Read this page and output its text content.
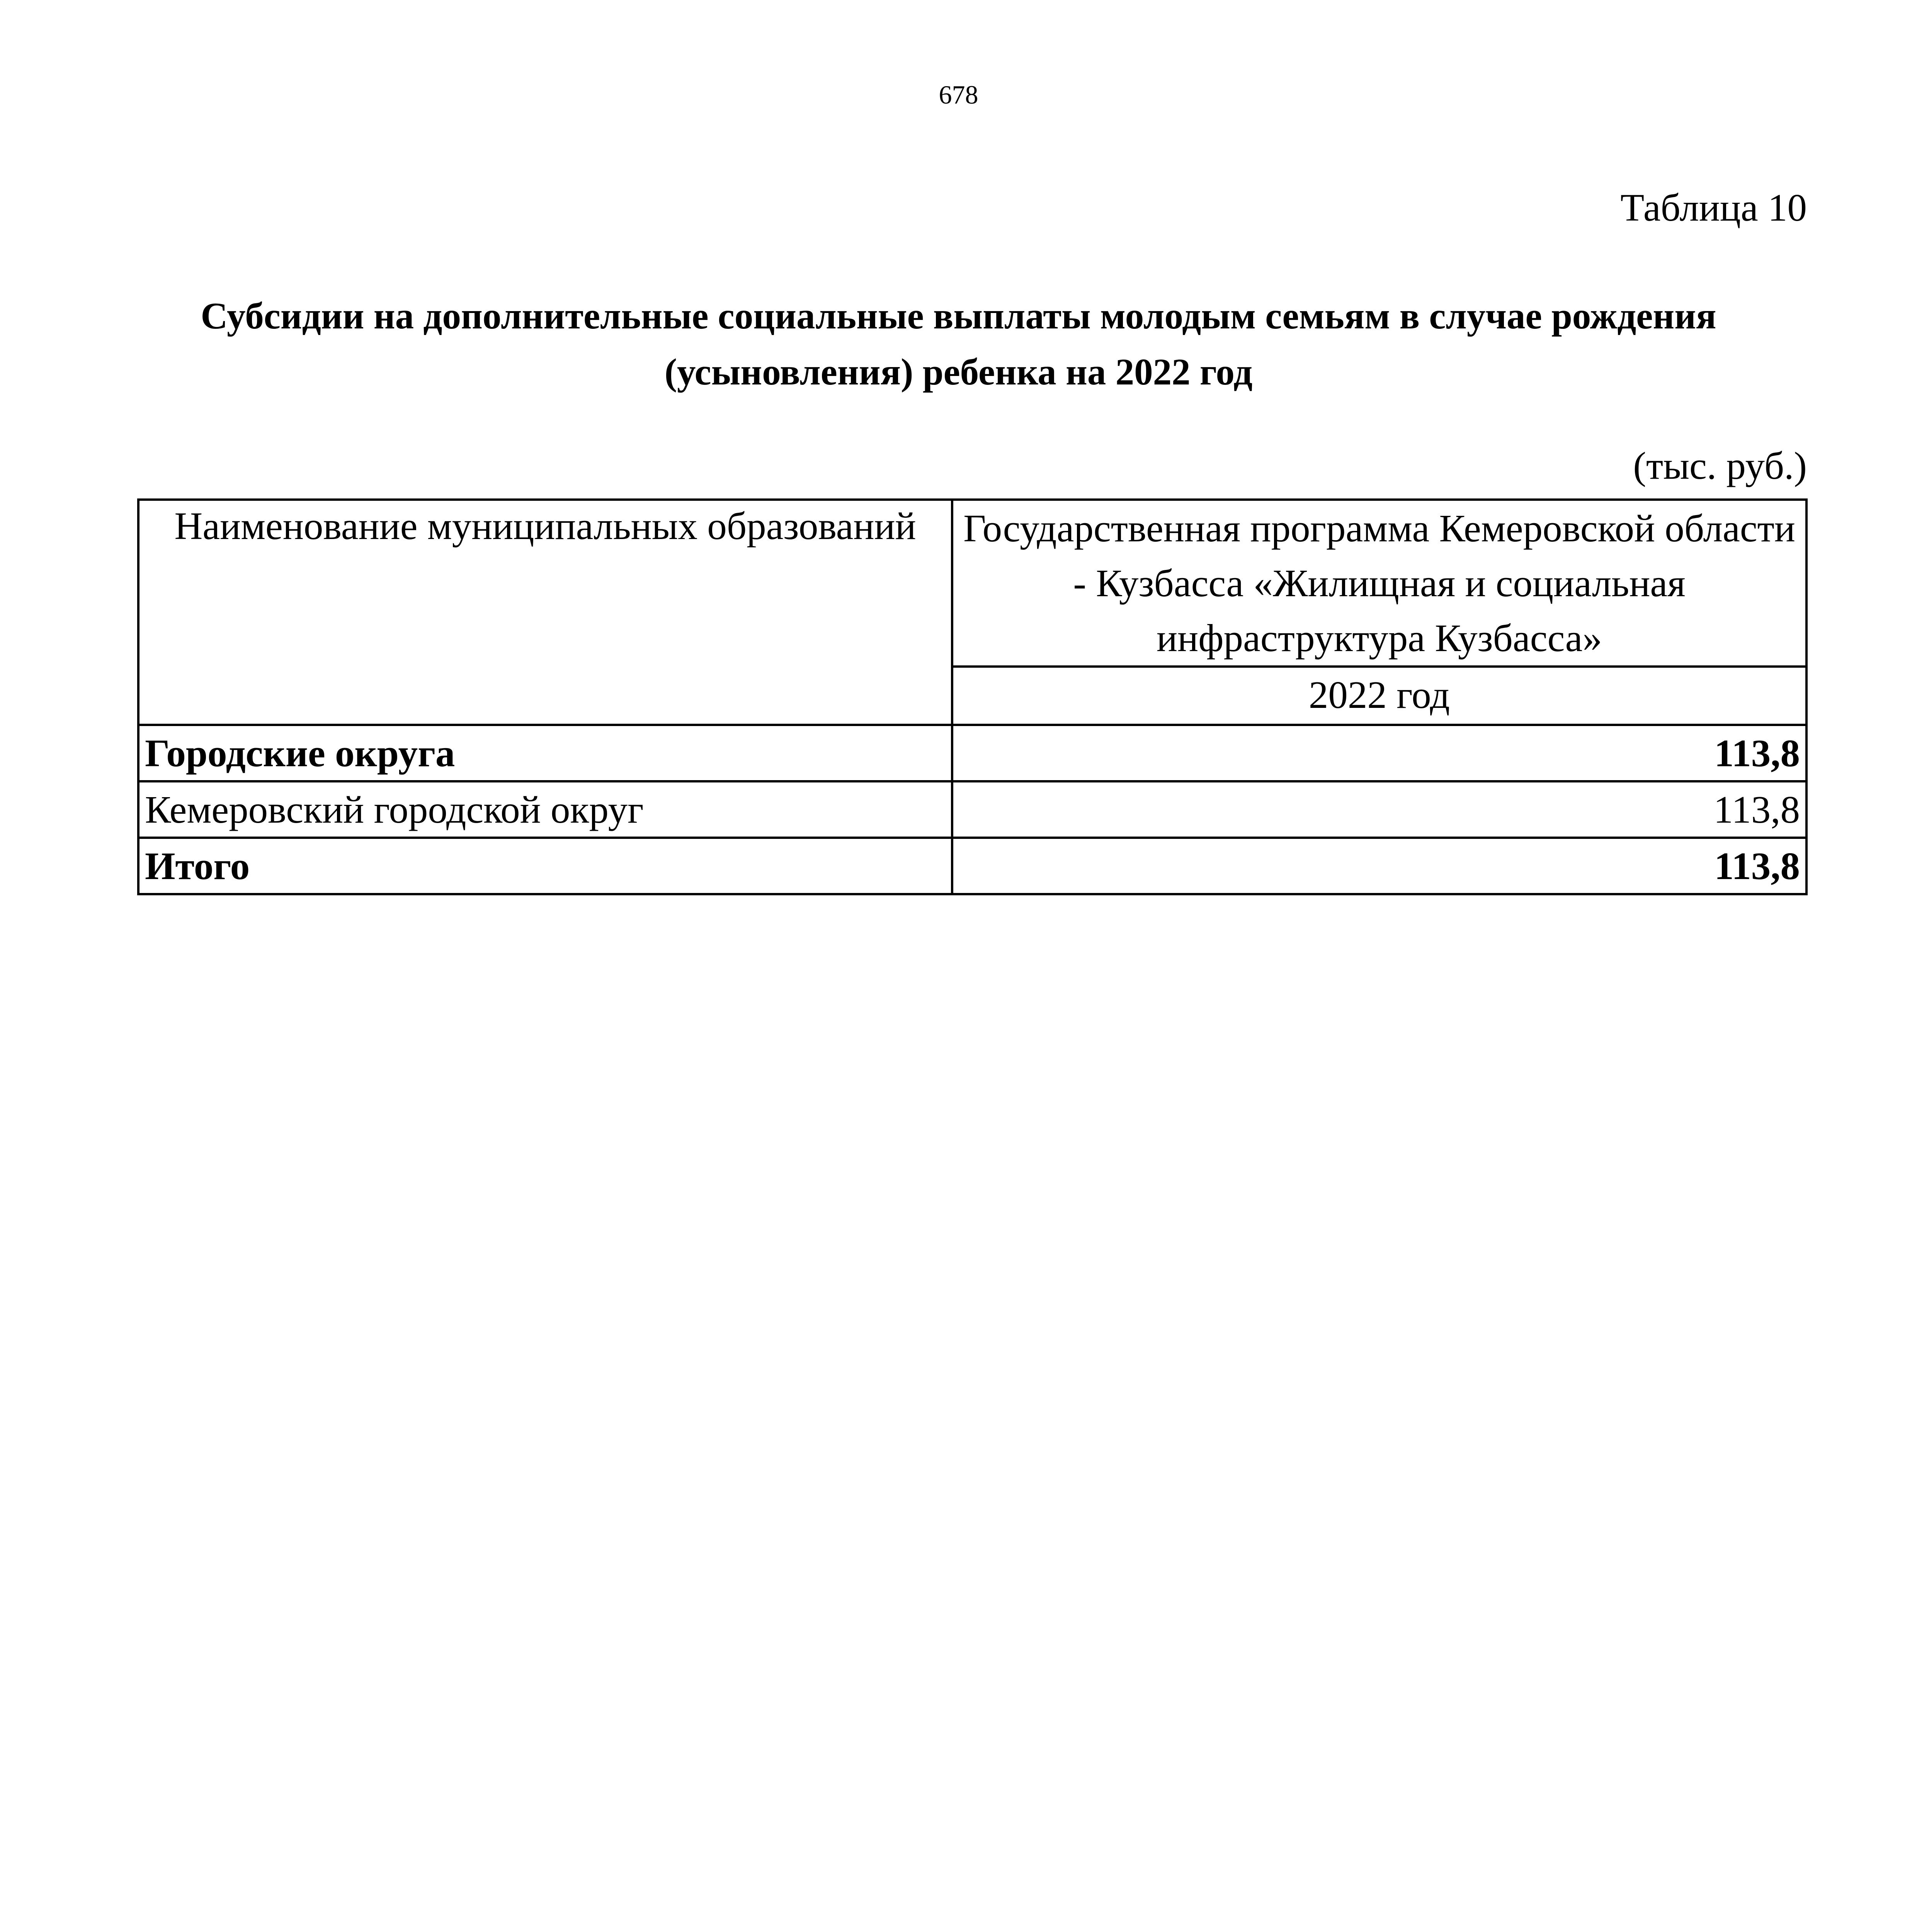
678
Таблица 10
Субсидии на дополнительные социальные выплаты молодым семьям в случае рождения (усыновления) ребенка на 2022 год
(тыс. руб.)
Наименование муниципальных образований	Государственная программа Кемеровской области - Кузбасса «Жилищная и социальная инфраструктура Кузбасса»
	2022 год
Городские округа	113,8
Кемеровский городской округ	113,8
Итого	113,8
